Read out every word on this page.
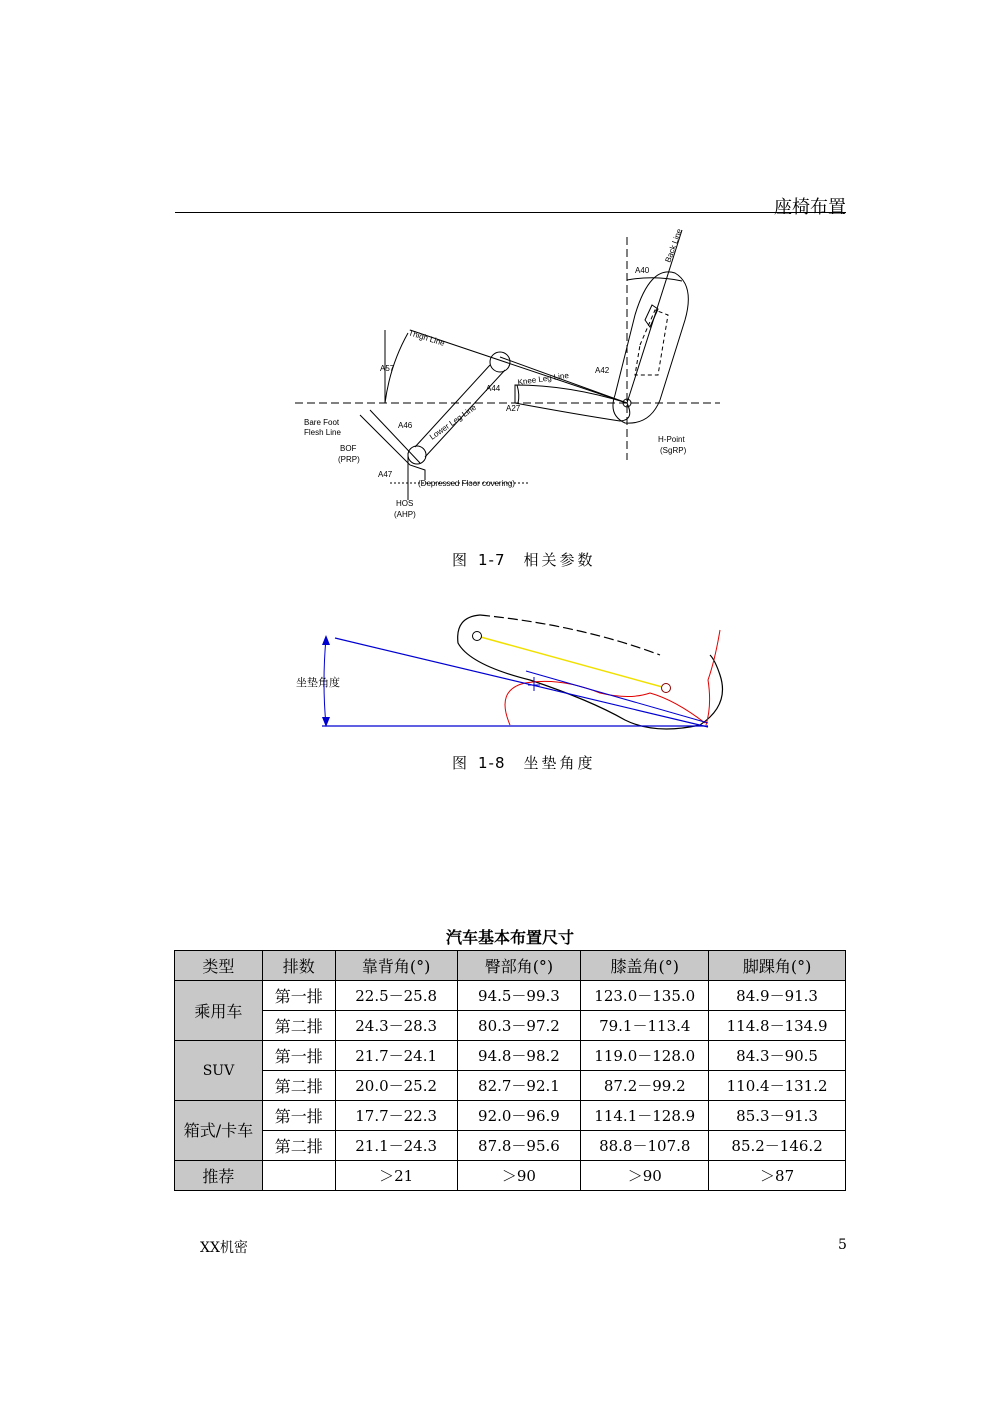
座椅布置
A40
Back Line
Thigh Line
A57	A42
A44
Knee Leg Line
A27
Bare Foot
Flesh Line
A46 Lower Leg Line
BOF
(PRP)
A47
(Depressed Floor covering)
HOS
(AHP)
H-Point
(SgRP)
图 1-7 相关参数
坐垫角度
图 1-8 坐垫角度
汽车基本布置尺寸
类型	排数	靠背角(°)	臀部角(°)	膝盖角(°)	脚踝角(°)
乘用车	第一排	22.5－25.8	94.5－99.3	123.0－135.0	84.9－91.3
	第二排	24.3－28.3	80.3－97.2	79.1－113.4	114.8－134.9
SUV	第一排	21.7－24.1	94.8－98.2	119.0－128.0	84.3－90.5
	第二排	20.0－25.2	82.7－92.1	87.2－99.2	110.4－131.2
箱式/卡车	第一排	17.7－22.3	92.0－96.9	114.1－128.9	85.3－91.3
	第二排	21.1－24.3	87.8－95.6	88.8－107.8	85.2－146.2
推荐		＞21	＞90	＞90	＞87
XX机密	5
